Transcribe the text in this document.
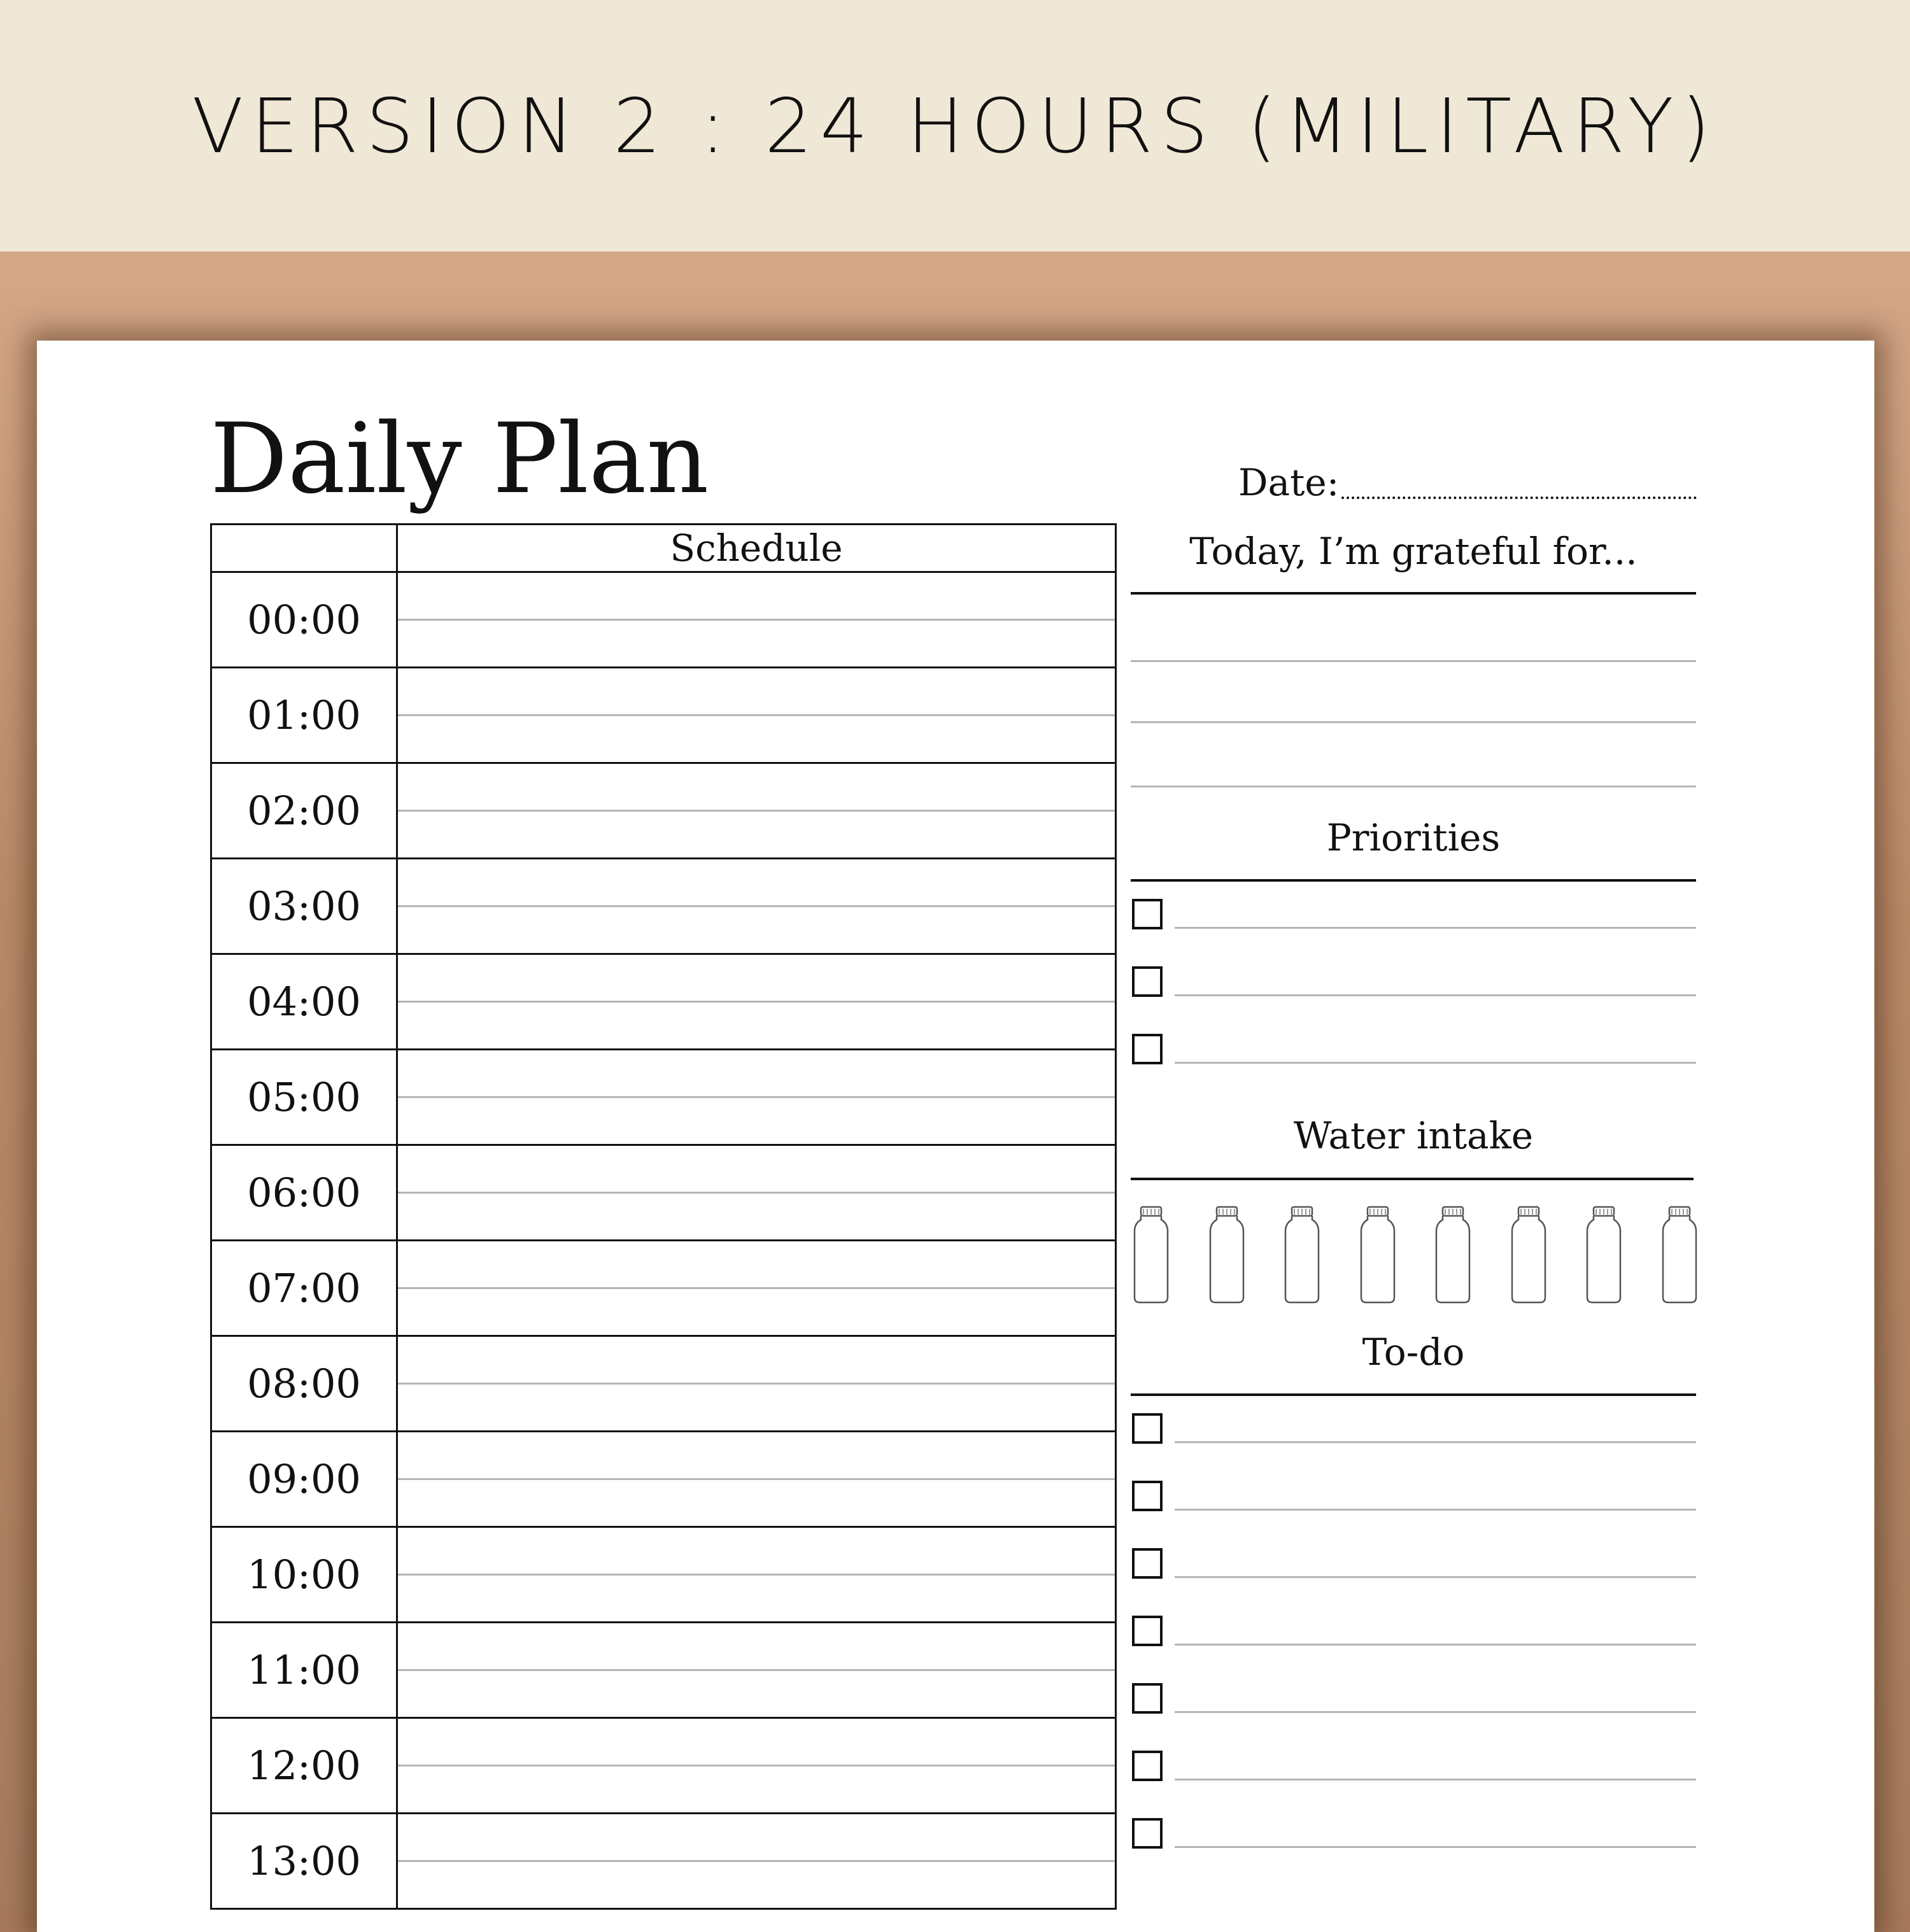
VERSION 2 : 24 HOURS (MILITARY)
Daily Plan	Date:
Schedule
00:00
01:00
02:00
03:00
04:00
05:00
06:00
07:00
08:00
09:00
10:00
11:00
12:00
13:00
Today, I’m grateful for...
Priorities
Water intake
To-do
